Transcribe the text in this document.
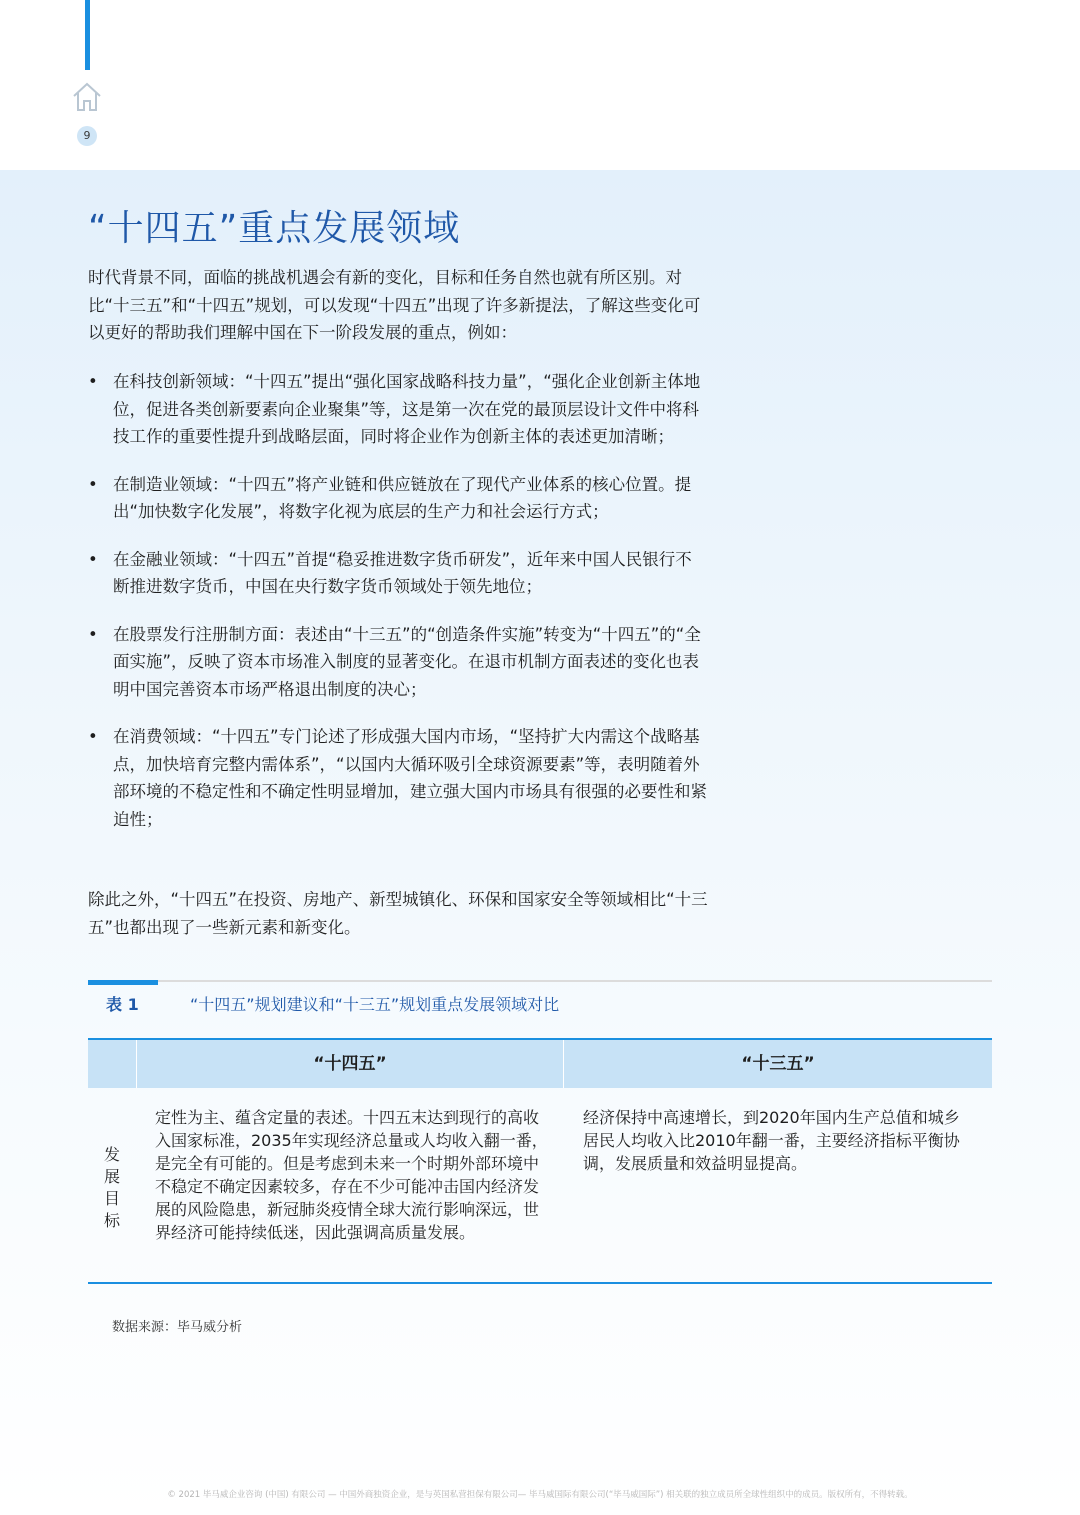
9
“十四五”重点发展领域

时代背景不同，面临的挑战机遇会有新的变化，目标和任务自然也就有所区别。对比“十三五”和“十四五”规划，可以发现“十四五”出现了许多新提法，了解这些变化可以更好的帮助我们理解中国在下一阶段发展的重点，例如：

• 在科技创新领域：“十四五”提出“强化国家战略科技力量”，“强化企业创新主体地位，促进各类创新要素向企业聚集”等，这是第一次在党的最顶层设计文件中将科技工作的重要性提升到战略层面，同时将企业作为创新主体的表述更加清晰；
• 在制造业领域：“十四五”将产业链和供应链放在了现代产业体系的核心位置。提出“加快数字化发展”，将数字化视为底层的生产力和社会运行方式；
• 在金融业领域：“十四五”首提“稳妥推进数字货币研发”，近年来中国人民银行不断推进数字货币，中国在央行数字货币领域处于领先地位；
• 在股票发行注册制方面：表述由“十三五”的“创造条件实施”转变为“十四五”的“全面实施”，反映了资本市场准入制度的显著变化。在退市机制方面表述的变化也表明中国完善资本市场严格退出制度的决心；
• 在消费领域：“十四五”专门论述了形成强大国内市场，“坚持扩大内需这个战略基点，加快培育完整内需体系”，“以国内大循环吸引全球资源要素”等，表明随着外部环境的不稳定性和不确定性明显增加，建立强大国内市场具有很强的必要性和紧迫性；

除此之外，“十四五”在投资、房地产、新型城镇化、环保和国家安全等领域相比“十三五”也都出现了一些新元素和新变化。

表 1	“十四五”规划建议和“十三五”规划重点发展领域对比
“十四五”	“十三五”
发
展
目
标
定性为主、蕴含定量的表述。十四五末达到现行的高收入国家标准，2035年实现经济总量或人均收入翻一番，是完全有可能的。但是考虑到未来一个时期外部环境中不稳定不确定因素较多，存在不少可能冲击国内经济发展的风险隐患，新冠肺炎疫情全球大流行影响深远，世界经济可能持续低迷，因此强调高质量发展。
经济保持中高速增长，到2020年国内生产总值和城乡居民人均收入比2010年翻一番，主要经济指标平衡协调，发展质量和效益明显提高。
数据来源：毕马威分析
© 2021 毕马威企业咨询 (中国) 有限公司 — 中国外商独资企业，是与英国私营担保有限公司— 毕马威国际有限公司(“毕马威国际”) 相关联的独立成员所全球性组织中的成员。版权所有，不得转载。
